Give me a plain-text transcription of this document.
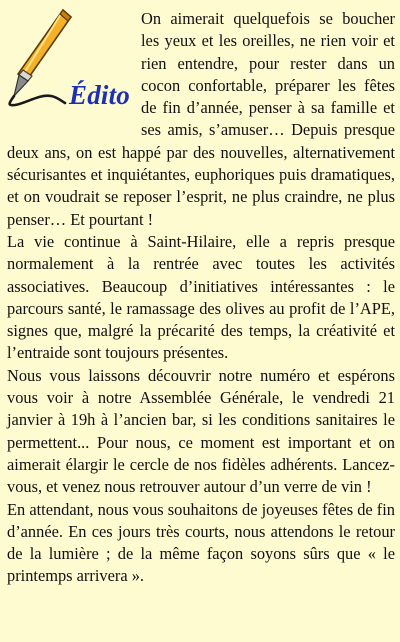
Édito

On aimerait quelquefois se boucher les yeux et les oreilles, ne rien voir et rien entendre, pour rester dans un cocon confortable, préparer les fêtes de fin d’année, penser à sa famille et ses amis, s’amuser… Depuis presque deux ans, on est happé par des nouvelles, alternativement sécurisantes et inquiétantes, euphoriques puis dramatiques, et on voudrait se reposer l’esprit, ne plus craindre, ne plus penser… Et pourtant !

La vie continue à Saint-Hilaire, elle a repris presque normalement à la rentrée avec toutes les activités associatives. Beaucoup d’initiatives intéressantes : le parcours santé, le ramassage des olives au profit de l’APE, signes que, malgré la précarité des temps, la créativité et l’entraide sont toujours présentes.

Nous vous laissons découvrir notre numéro et espérons vous voir à notre Assemblée Générale, le vendredi 21 janvier à 19h à l’ancien bar, si les conditions sanitaires le permettent... Pour nous, ce moment est important et on aimerait élargir le cercle de nos fidèles adhérents. Lancez-vous, et venez nous retrouver autour d’un verre de vin !

En attendant, nous vous souhaitons de joyeuses fêtes de fin d’année. En ces jours très courts, nous attendons le retour de la lumière ; de la même façon soyons sûrs que « le printemps arrivera ».
